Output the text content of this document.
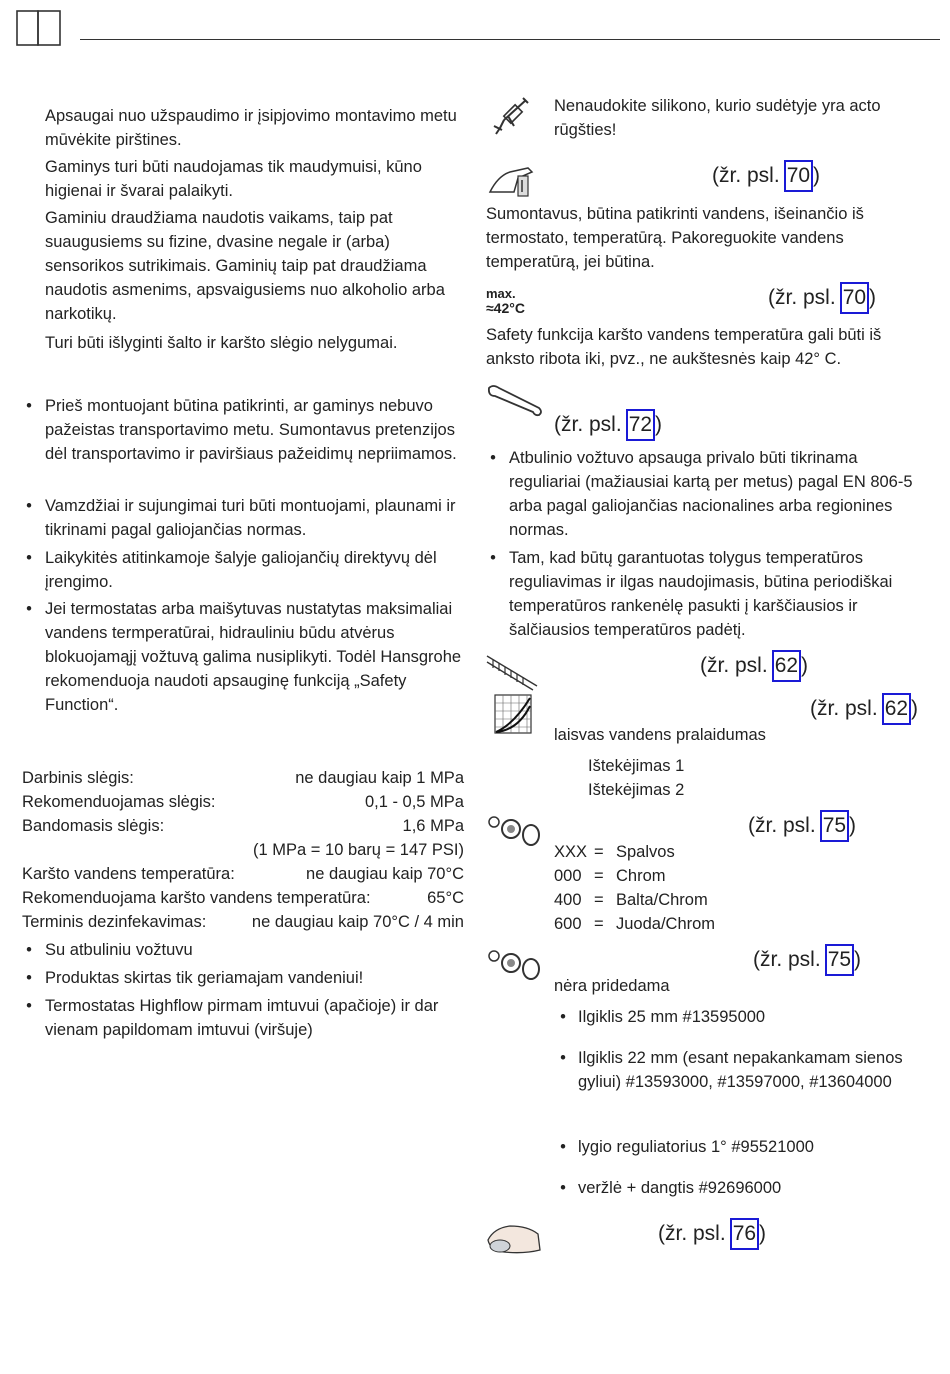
Apsaugai nuo užspaudimo ir įsipjovimo montavimo metu mūvėkite pirštines.
Gaminys turi būti naudojamas tik maudymuisi, kūno higienai ir švarai palaikyti.
Gaminiu draudžiama naudotis vaikams, taip pat suaugusiems su fizine, dvasine negale ir (arba) sensorikos sutrikimais. Gaminių taip pat draudžiama naudotis asmenims, apsvaigusiems nuo alkoholio arba narkotikų.
Turi būti išlyginti šalto ir karšto slėgio nelygumai.
• Prieš montuojant būtina patikrinti, ar gaminys nebuvo pažeistas transportavimo metu. Sumontavus pretenzijos dėl transportavimo ir paviršiaus pažeidimų nepriimamos.
• Vamzdžiai ir sujungimai turi būti montuojami, plaunami ir tikrinami pagal galiojančias normas.
• Laikykitės atitinkamoje šalyje galiojančių direktyvų dėl įrengimo.
• Jei termostatas arba maišytuvas nustatytas maksimaliai vandens termperatūrai, hidrauliniu būdu atvėrus blokuojamąjį vožtuvą galima nusiplikyti. Todėl Hansgrohe rekomenduoja naudoti apsauginę funkciją „Safety Function“.
Darbinis slėgis:	ne daugiau kaip 1 MPa
Rekomenduojamas slėgis:	0,1 - 0,5 MPa
Bandomasis slėgis:	1,6 MPa
(1 MPa = 10 barų = 147 PSI)
Karšto vandens temperatūra:	ne daugiau kaip 70°C
Rekomenduojama karšto vandens temperatūra:	65°C
Terminis dezinfekavimas:	ne daugiau kaip 70°C / 4 min
• Su atbuliniu vožtuvu
• Produktas skirtas tik geriamajam vandeniui!
• Termostatas Highflow pirmam imtuvui (apačioje) ir dar vienam papildomam imtuvui (viršuje)
Nenaudokite silikono, kurio sudėtyje yra acto rūgšties!
(žr. psl. 70 )
Sumontavus, būtina patikrinti vandens, išeinančio iš termostato, temperatūrą. Pakoreguokite vandens temperatūrą, jei būtina.
max.
≈42°C	(žr. psl. 70 )
Safety funkcija karšto vandens temperatūra gali būti iš anksto ribota iki, pvz., ne aukštesnės kaip 42° C.
(žr. psl. 72 )
• Atbulinio vožtuvo apsauga privalo būti tikrinama reguliariai (mažiausiai kartą per metus) pagal EN 806-5 arba pagal galiojančias nacionalines arba regionines normas.
• Tam, kad būtų garantuotas tolygus temperatūros reguliavimas ir ilgas naudojimasis, būtina periodiškai temperatūros rankenėlę pasukti į karščiausios ir šalčiausios temperatūros padėtį.
(žr. psl. 62 )
(žr. psl. 62 )
laisvas vandens pralaidumas
Ištekėjimas 1
Ištekėjimas 2
(žr. psl. 75 )
XXX = Spalvos
000 = Chrom
400 = Balta/Chrom
600 = Juoda/Chrom
(žr. psl. 75 )
nėra pridedama
• Ilgiklis 25 mm #13595000
• Ilgiklis 22 mm (esant nepakankamam sienos gyliui) #13593000, #13597000, #13604000
• lygio reguliatorius 1° #95521000
• veržlė + dangtis #92696000
(žr. psl. 76 )
